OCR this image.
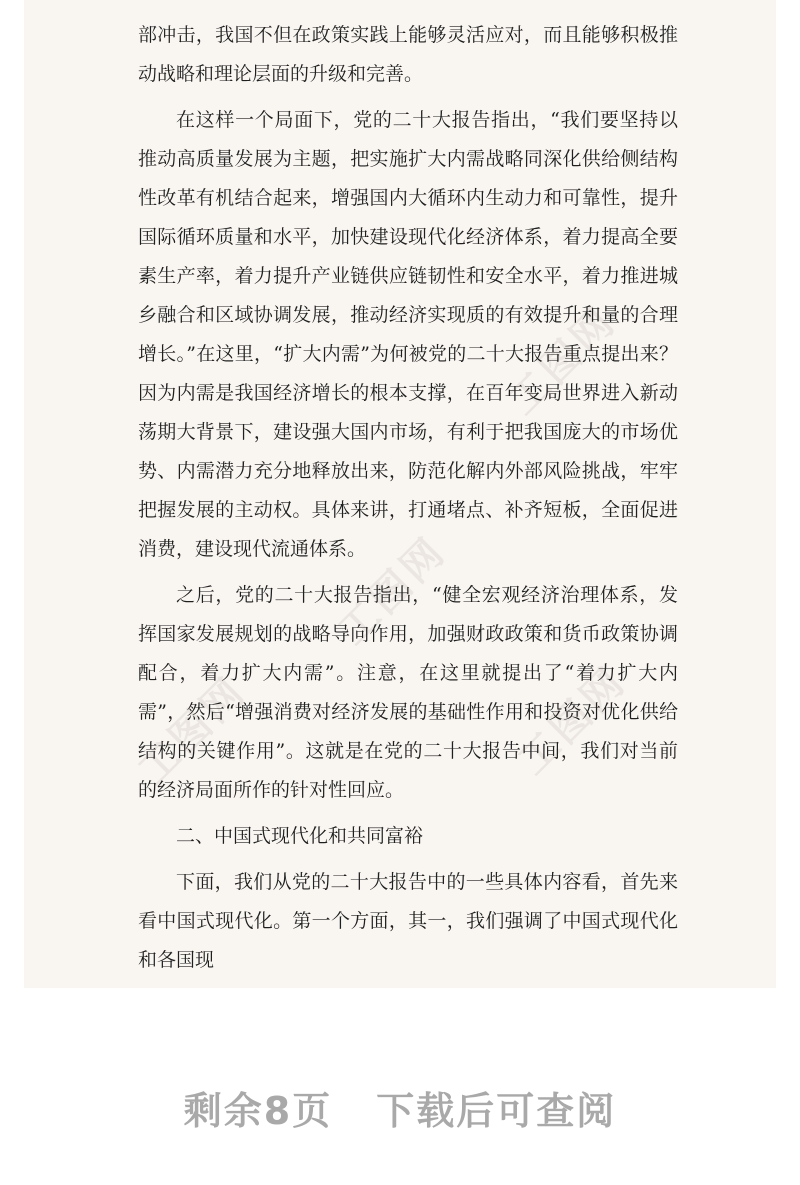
工图网
工图网
工图网	工图网

部冲击，我国不但在政策实践上能够灵活应对，而且能够积极推动战略和理论层面的升级和完善。

在这样一个局面下，党的二十大报告指出，“我们要坚持以推动高质量发展为主题，把实施扩大内需战略同深化供给侧结构性改革有机结合起来，增强国内大循环内生动力和可靠性，提升国际循环质量和水平，加快建设现代化经济体系，着力提高全要素生产率，着力提升产业链供应链韧性和安全水平，着力推进城乡融合和区域协调发展，推动经济实现质的有效提升和量的合理增长。”在这里，“扩大内需”为何被党的二十大报告重点提出来？因为内需是我国经济增长的根本支撑，在百年变局世界进入新动荡期大背景下，建设强大国内市场，有利于把我国庞大的市场优势、内需潜力充分地释放出来，防范化解内外部风险挑战，牢牢把握发展的主动权。具体来讲，打通堵点、补齐短板，全面促进消费，建设现代流通体系。

之后，党的二十大报告指出，“健全宏观经济治理体系，发挥国家发展规划的战略导向作用，加强财政政策和货币政策协调配合，着力扩大内需”。注意，在这里就提出了“着力扩大内需”，然后“增强消费对经济发展的基础性作用和投资对优化供给结构的关键作用”。这就是在党的二十大报告中间，我们对当前的经济局面所作的针对性回应。

二、中国式现代化和共同富裕

下面，我们从党的二十大报告中的一些具体内容看，首先来看中国式现代化。第一个方面，其一，我们强调了中国式现代化和各国现

剩余8页 下载后可查阅
